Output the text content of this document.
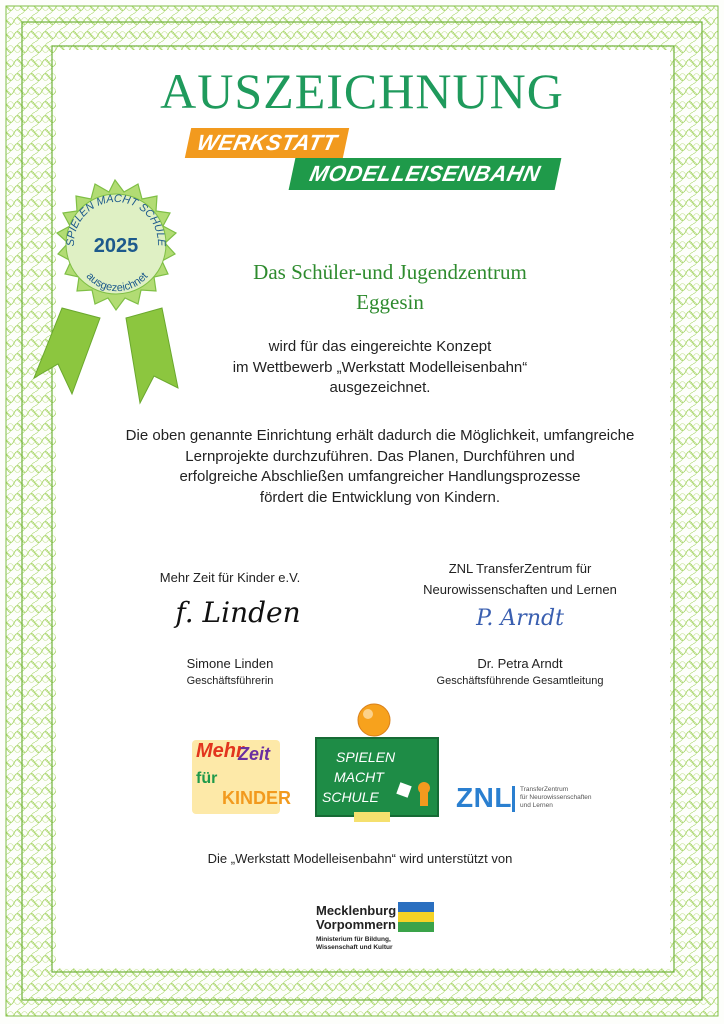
AUSZEICHNUNG
WERKSTATT
MODELLEISENBAHN
2025
SPIELEN MACHT SCHULE
ausgezeichnet	Das Schüler-und Jugendzentrum
Eggesin
wird für das eingereichte Konzept
im Wettbewerb „Werkstatt Modelleisenbahn“
ausgezeichnet.
Die oben genannte Einrichtung erhält dadurch die Möglichkeit, umfangreiche
Lernprojekte durchzuführen. Das Planen, Durchführen und
erfolgreiche Abschließen umfangreicher Handlungsprozesse
fördert die Entwicklung von Kindern.
Mehr Zeit für Kinder e.V.
f. Linden
Simone Linden
Geschäftsführerin
ZNL TransferZentrum für
Neurowissenschaften und Lernen
P. Arndt
Dr. Petra Arndt
Geschäftsführende Gesamtleitung
Mehr
Zeit
für
KINDER
SPIELEN
MACHT
SCHULE	ZNL TransferZentrum
für Neurowissenschaften
und Lernen
Die „Werkstatt Modelleisenbahn“ wird unterstützt von
Mecklenburg
Vorpommern
Ministerium für Bildung,
Wissenschaft und Kultur
